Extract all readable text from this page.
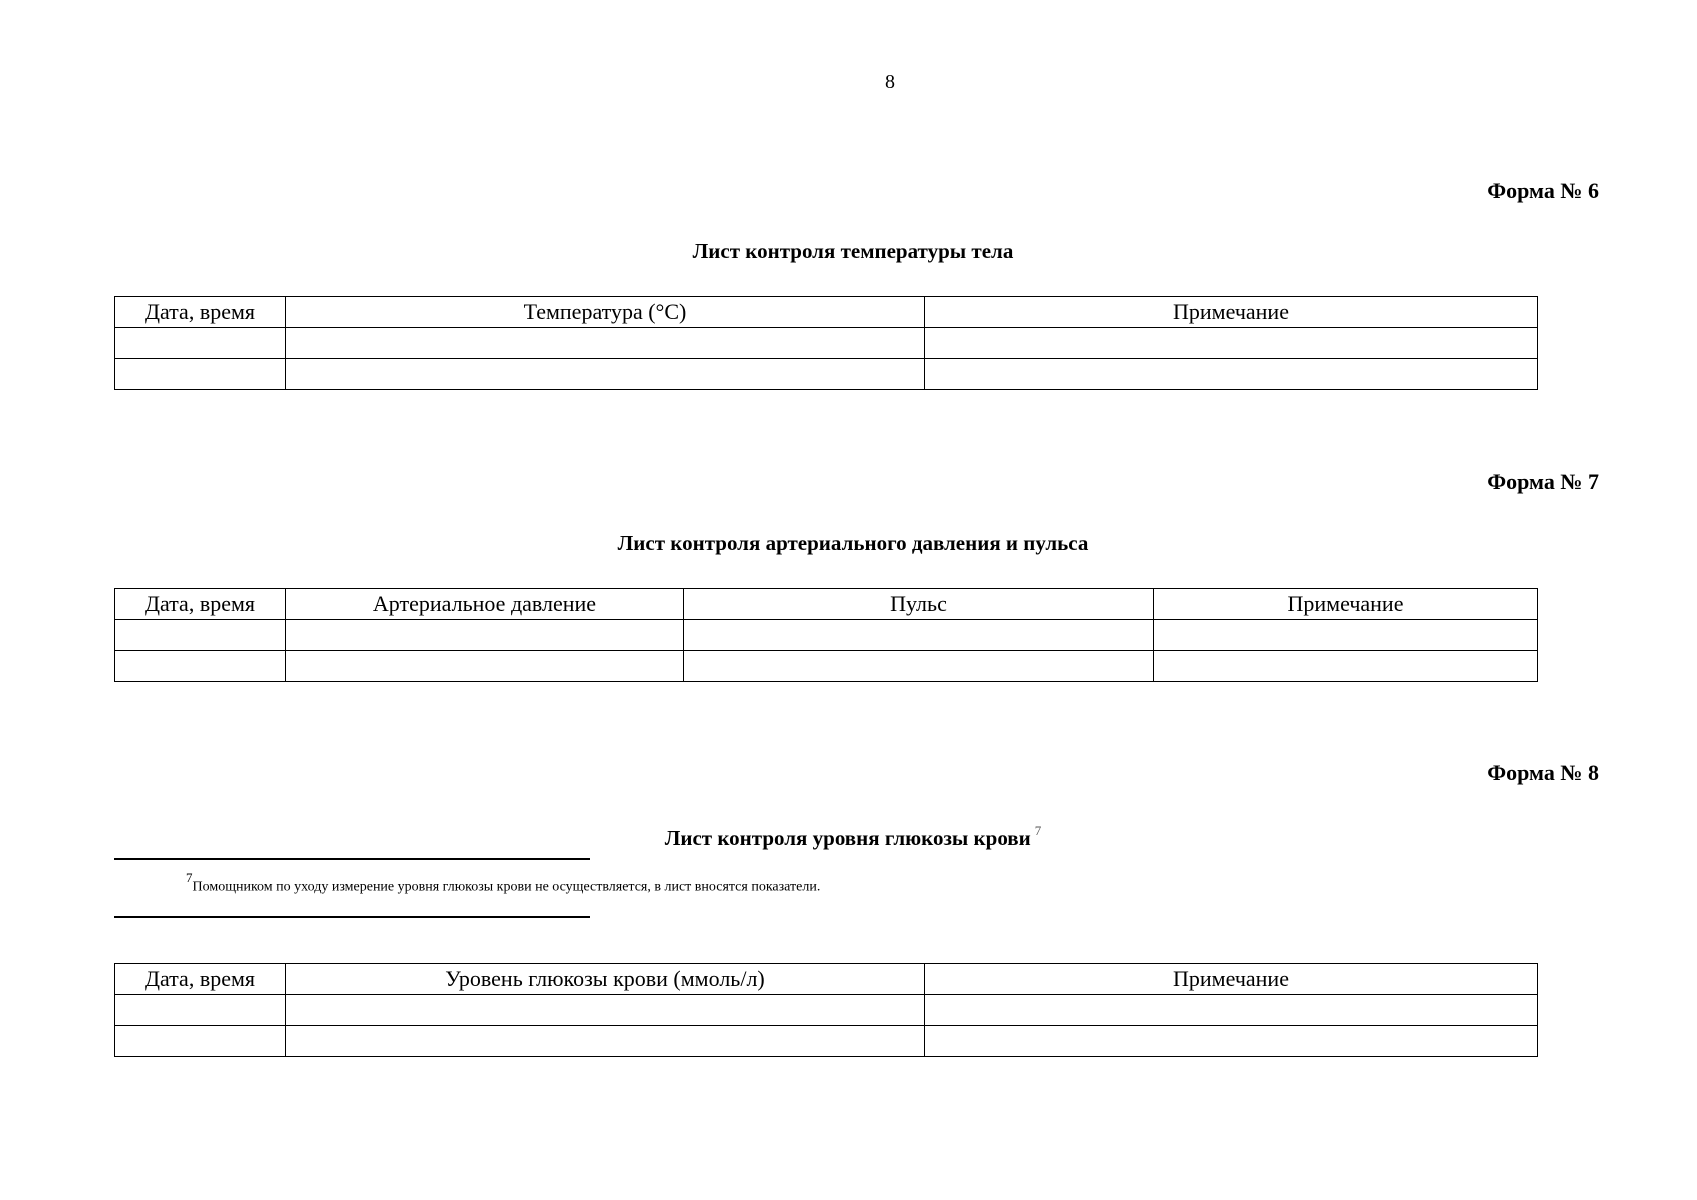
8
Форма № 6
Лист контроля температуры тела
Дата, время	Температура (°C)	Примечание

Форма № 7
Лист контроля артериального давления и пульса
Дата, время	Артериальное давление	Пульс	Примечание

Форма № 8
Лист контроля уровня глюкозы крови $^7$
$^7$Помощником по уходу измерение уровня глюкозы крови не осуществляется, в лист вносятся показатели.
Дата, время	Уровень глюкозы крови (ммоль/л)	Примечание
